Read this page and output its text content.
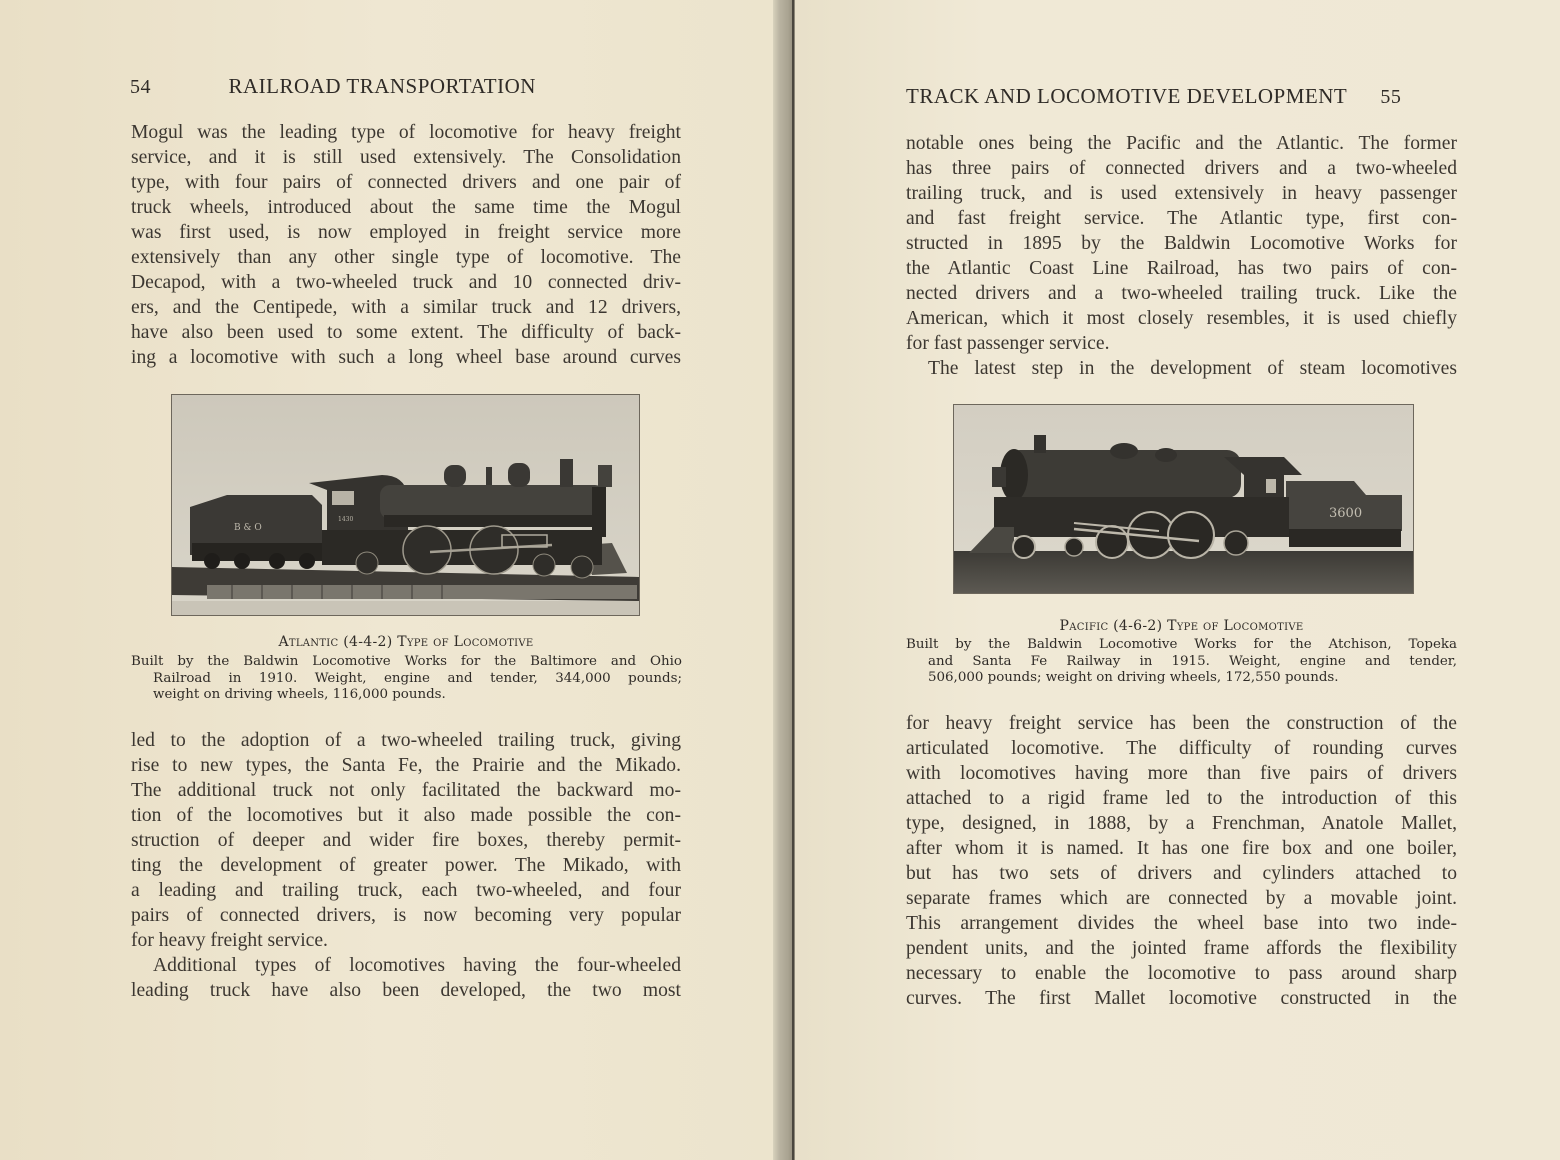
54	RAILROAD TRANSPORTATION
Mogul was the leading type of locomotive for heavy freight
service, and it is still used extensively. The Consolidation
type, with four pairs of connected drivers and one pair of
truck wheels, introduced about the same time the Mogul
was first used, is now employed in freight service more
extensively than any other single type of locomotive. The
Decapod, with a two-wheeled truck and 10 connected driv-
ers, and the Centipede, with a similar truck and 12 drivers,
have also been used to some extent. The difficulty of back-
ing a locomotive with such a long wheel base around curves
B & O
1430
Atlantic (4-4-2) Type of Locomotive
Built by the Baldwin Locomotive Works for the Baltimore and Ohio
Railroad in 1910. Weight, engine and tender, 344,000 pounds;
weight on driving wheels, 116,000 pounds.
led to the adoption of a two-wheeled trailing truck, giving
rise to new types, the Santa Fe, the Prairie and the Mikado.
The additional truck not only facilitated the backward mo-
tion of the locomotives but it also made possible the con-
struction of deeper and wider fire boxes, thereby permit-
ting the development of greater power. The Mikado, with
a leading and trailing truck, each two-wheeled, and four
pairs of connected drivers, is now becoming very popular
for heavy freight service.
Additional types of locomotives having the four-wheeled
leading truck have also been developed, the two most
TRACK AND LOCOMOTIVE DEVELOPMENT 55
notable ones being the Pacific and the Atlantic. The former
has three pairs of connected drivers and a two-wheeled
trailing truck, and is used extensively in heavy passenger
and fast freight service. The Atlantic type, first con-
structed in 1895 by the Baldwin Locomotive Works for
the Atlantic Coast Line Railroad, has two pairs of con-
nected drivers and a two-wheeled trailing truck. Like the
American, which it most closely resembles, it is used chiefly
for fast passenger service.
The latest step in the development of steam locomotives
3600
Pacific (4-6-2) Type of Locomotive
Built by the Baldwin Locomotive Works for the Atchison, Topeka
and Santa Fe Railway in 1915. Weight, engine and tender,
506,000 pounds; weight on driving wheels, 172,550 pounds.
for heavy freight service has been the construction of the
articulated locomotive. The difficulty of rounding curves
with locomotives having more than five pairs of drivers
attached to a rigid frame led to the introduction of this
type, designed, in 1888, by a Frenchman, Anatole Mallet,
after whom it is named. It has one fire box and one boiler,
but has two sets of drivers and cylinders attached to
separate frames which are connected by a movable joint.
This arrangement divides the wheel base into two inde-
pendent units, and the jointed frame affords the flexibility
necessary to enable the locomotive to pass around sharp
curves. The first Mallet locomotive constructed in the
